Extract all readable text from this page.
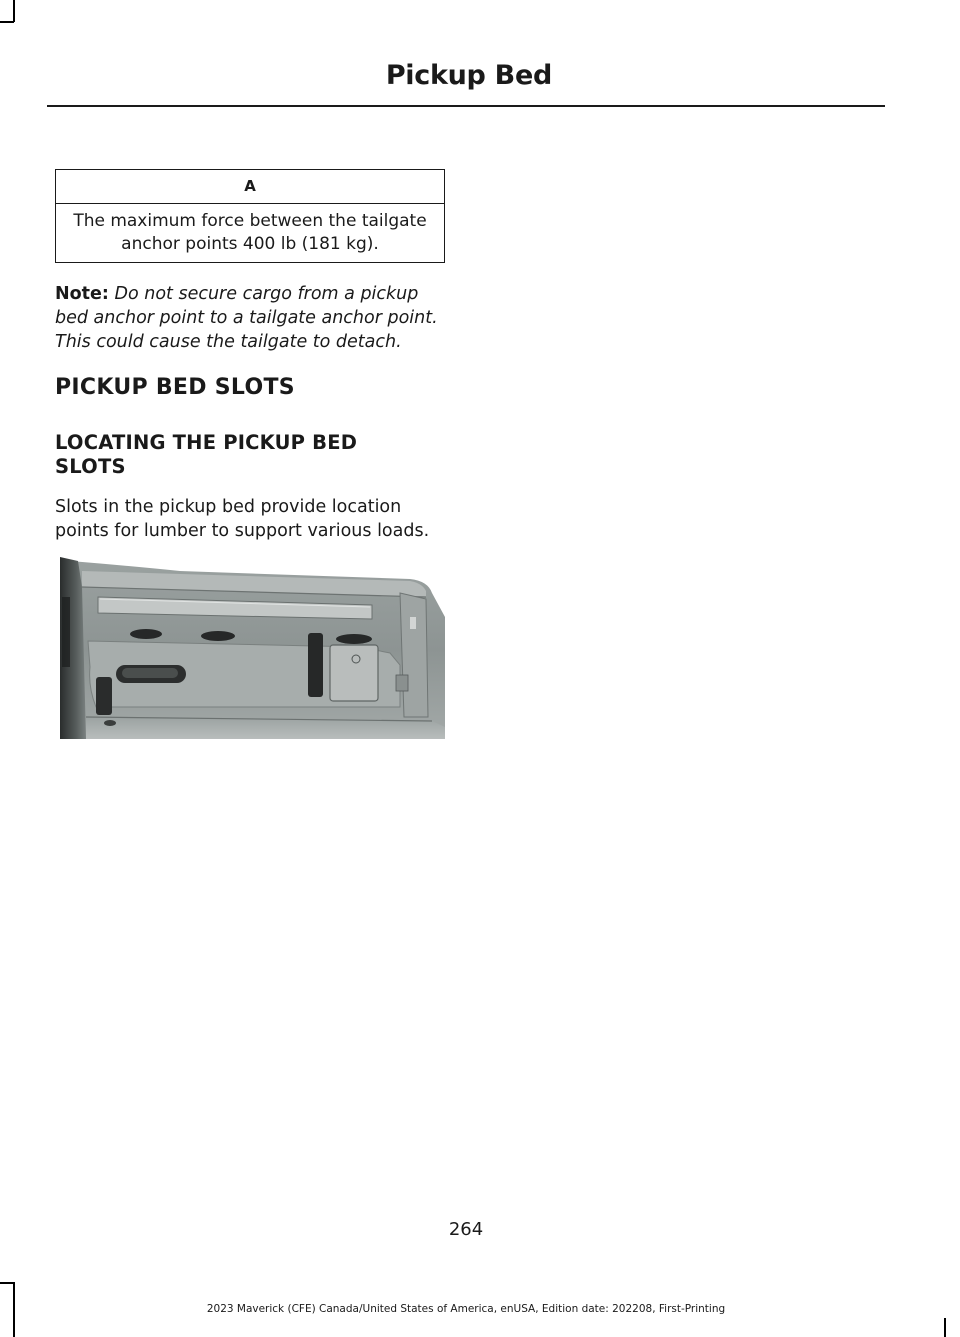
Pickup Bed
A
The maximum force between the tailgate anchor points 400 lb (181 kg).
Note: Do not secure cargo from a pickup bed anchor point to a tailgate anchor point. This could cause the tailgate to detach.
PICKUP BED SLOTS
LOCATING THE PICKUP BED SLOTS
Slots in the pickup bed provide location points for lumber to support various loads.
264
2023 Maverick (CFE) Canada/United States of America, enUSA, Edition date: 202208, First-Printing
